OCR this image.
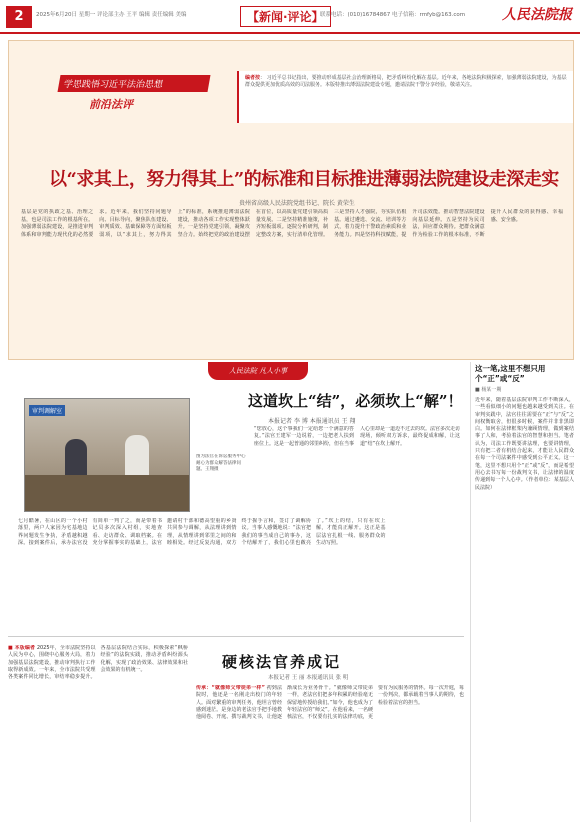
2	2025年6月20日 星期一 评论部主办 王平 编辑 责任编辑 美编	【新闻·评论】
联系电话：(010)16784867 电子信箱：rmfyb@163.com	人民法院报
学思践悟习近平法治思想
前沿法评
编者按： 习近平总书记指出，要推动形成基层社会治理新格局，把矛盾纠纷化解在基层。近年来，各地法院积极探索，加强薄弱法院建设，为基层群众提供更加优质高效的司法服务。本版特推出薄弱法院建设专题，邀请法院干警分享经验，敬请关注。
以“求其上，努力得其上”的标准和目标推进薄弱法院建设走深走实
贵州省高级人民法院党组书记、院长 黄荣生
基层是党的执政之基、治理之基，也是司法工作的根基所在。加强薄弱法院建设，是推进审判体系和审判能力现代化的必然要求。近年来，我们坚持问题导向、目标导向，聚焦队伍建设、审判质效、基础保障等方面短板弱项，以“求其上，努力得其上”的标准，系统推进薄弱法院建设，推动各项工作实现整体跃升。一是坚持党建引领，凝聚攻坚合力。始终把党的政治建设摆在首位，以高质量党建引领高质量发展。二是坚持精准施策，补齐短板弱项。逐院分析研判，制定整改方案，实行清单化管理。三是坚持人才强院，夯实队伍根基。通过遴选、交流、培训等方式，着力提升干警政治素质和业务能力。四是坚持科技赋能，提升司法效能。推动智慧法院建设向基层延伸。五是坚持为民司法，回应群众期待。把群众满意作为检验工作的根本标准，不断提升人民群众的获得感、幸福感、安全感。
人民法院 凡人小事
审判调解室
图为法官在诉讼服务中心耐心为群众解答法律问题。王翔摄
这道坎上“结”，必须坎上“解”！
本报记者 李 博 本报通讯员 王 翔
“您放心，这个事我们一定给您一个满意的答复。”法官王建军一边说着，一边把老人扶到座位上。这是一起普通的邻里纠纷，但在当事人心里却是一道迈不过去的坎。法官多次走访现场，倾听双方诉求，最终促成和解，让这道“结”在坎上解开。
七月酷暑，在山区的一个小村落里，两户人家因为宅基地边界问题发生争执，矛盾越积越深。接到案件后，承办法官没有简单一判了之，而是带着书记员多次深入村组，实地查看、走访群众、调取档案。在充分掌握事实的基础上，法官邀请村干部和德高望重的乡贤共同参与调解，从法理讲到情理，从情理讲到邻里之间的和睦相处。经过反复沟通，双方终于握手言和，签订了调解协议。当事人感慨地说：“法官把我们的事当成自己的事办，这个结解开了，我们心里也敞亮了。”坎上的结，只有在坎上解，才能真正解开。这正是基层法官扎根一线、服务群众的生动写照。
这一笔,这里不想只用个“正”或“反”
■ 杨某一期
近年来，随着基层法院审判工作不断深入，一些看似细小的问题也越来越受到关注。在审判实践中，法官往往需要在“正”与“反”之间权衡取舍，但很多时候，案件并非非黑即白。如何在法律框架内兼顾情理，做到案结事了人和，考验着法官的智慧和担当。笔者认为，司法工作既要讲法理，也要讲情理，只有把二者有机结合起来，才能让人民群众在每一个司法案件中感受到公平正义。这一笔，这里不想只用个“正”或“反”，而是希望用心去书写每一份裁判文书，让法律的温度传递到每一个人心中。（作者单位：某基层人民法院）
■ 本版编者 2025年，全市法院坚持以人民为中心，围绕中心服务大局，着力加强基层法院建设，推动审判执行工作取得新成效。一年来，全市法院共受理各类案件同比增长，审结率稳步提升。各基层法院结合实际，积极探索“枫桥经验”的法院实践，推动矛盾纠纷源头化解，实现了政治效果、法律效果和社会效果的有机统一。	硬核法官养成记
本报记者 王 丽 本报通讯员 张 明
传承：“就像师父带徒弟一样” 初到法院时，他还是一名刚走出校门的年轻人。面对繁重的审判任务，他坦言曾经感到迷茫。是身边的老法官手把手地教他阅卷、开庭、撰写裁判文书，让他逐渐成长为业务骨干。“就像师父带徒弟一样，老法官们把多年积累的经验毫无保留地传授给我们。”如今，他也成为了年轻法官的“师父”。在他看来，一名硬核法官，不仅要有扎实的法律功底，更要有为民服务的情怀。每一次开庭，每一份判决，都承载着当事人的期待，也检验着法官的担当。
